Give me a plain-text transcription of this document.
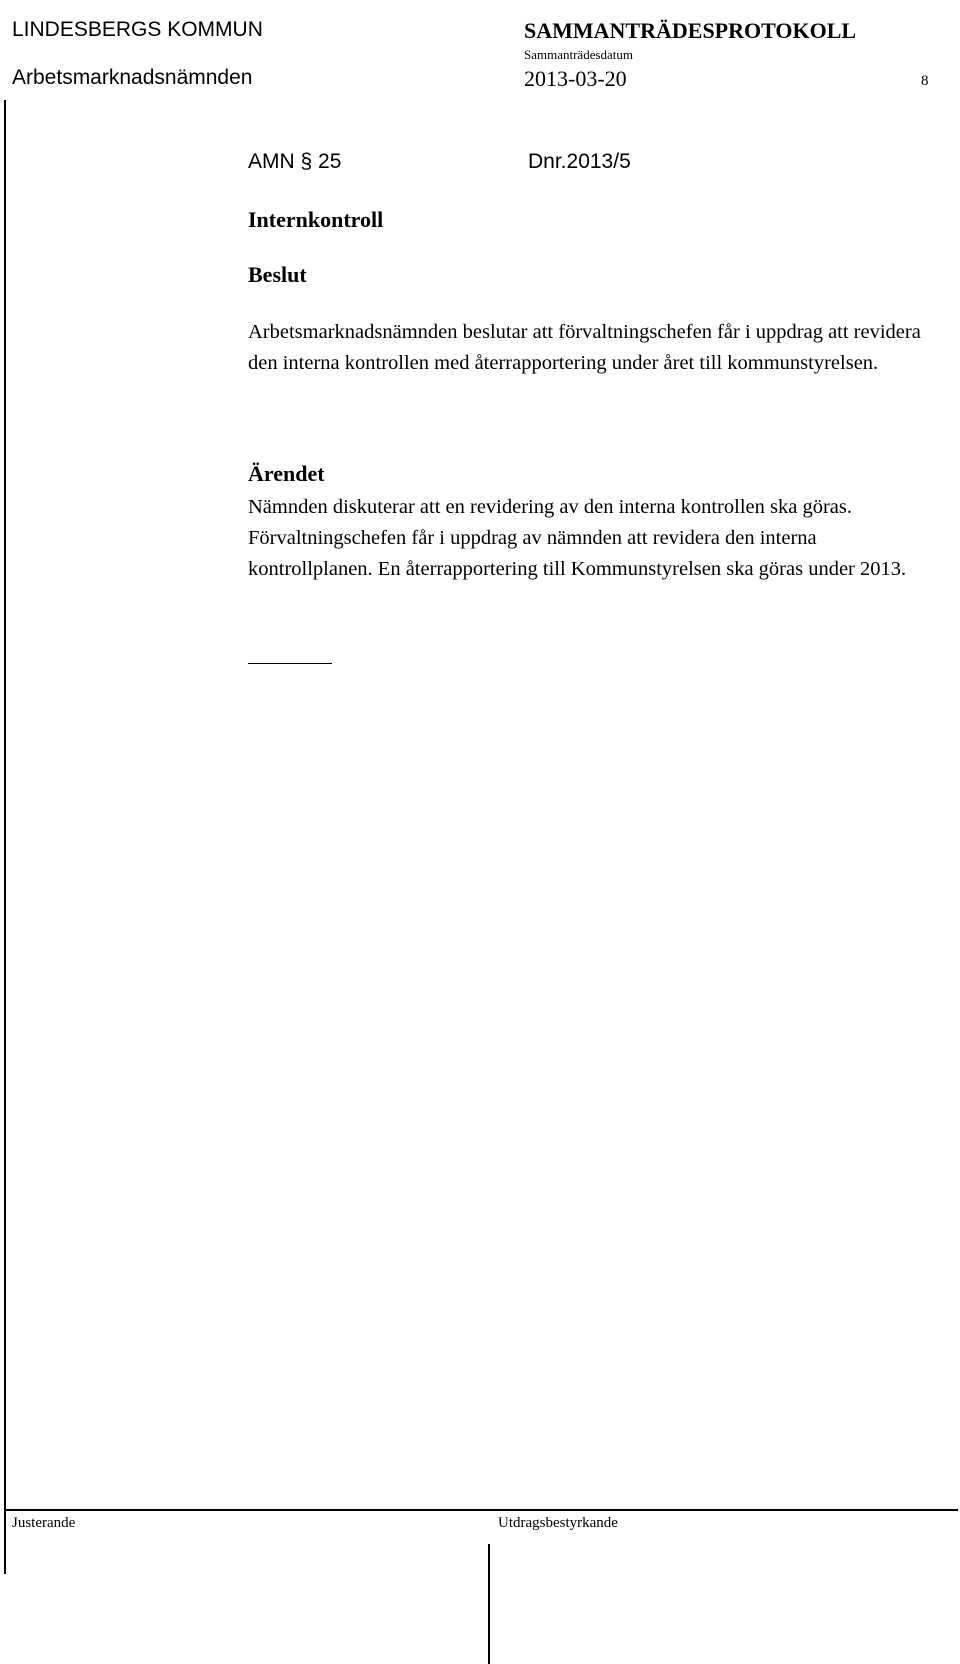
LINDESBERGS KOMMUN	SAMMANTRÄDESPROTOKOLL
Arbetsmarknadsnämnden
Sammanträdesdatum
2013-03-20	8
AMN § 25	Dnr.2013/5
Internkontroll
Beslut
Arbetsmarknadsnämnden beslutar att förvaltningschefen får i uppdrag att revidera den interna kontrollen med återrapportering under året till kommunstyrelsen.
Ärendet
Nämnden diskuterar att en revidering av den interna kontrollen ska göras. Förvaltningschefen får i uppdrag av nämnden att revidera den interna kontrollplanen. En återrapportering till Kommunstyrelsen ska göras under 2013.
Justerande	Utdragsbestyrkande
